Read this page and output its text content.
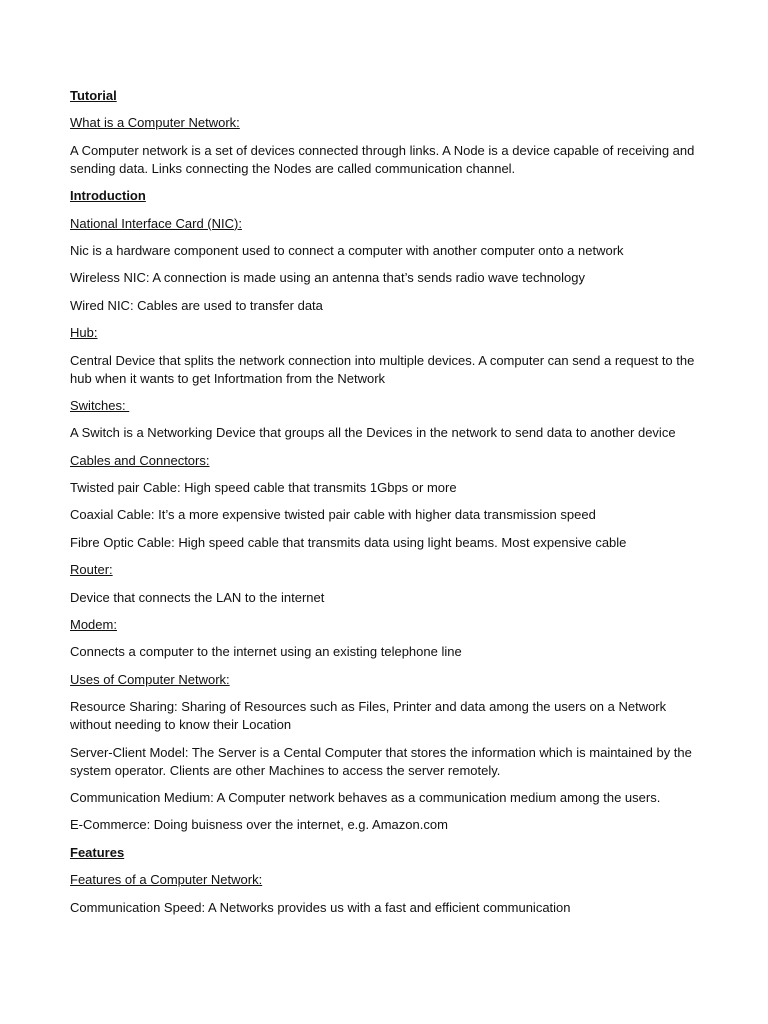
Tutorial

What is a Computer Network:

A Computer network is a set of devices connected through links. A Node is a device capable of receiving and sending data. Links connecting the Nodes are called communication channel.

Introduction

National Interface Card (NIC):

Nic is a hardware component used to connect a computer with another computer onto a network

Wireless NIC: A connection is made using an antenna that’s sends radio wave technology

Wired NIC: Cables are used to transfer data

Hub:

Central Device that splits the network connection into multiple devices. A computer can send a request to the hub when it wants to get Infortmation from the Network

Switches:

A Switch is a Networking Device that groups all the Devices in the network to send data to another device

Cables and Connectors:

Twisted pair Cable: High speed cable that transmits 1Gbps or more

Coaxial Cable: It’s a more expensive twisted pair cable with higher data transmission speed

Fibre Optic Cable: High speed cable that transmits data using light beams. Most expensive cable

Router:

Device that connects the LAN to the internet

Modem:

Connects a computer to the internet using an existing telephone line

Uses of Computer Network:

Resource Sharing: Sharing of Resources such as Files, Printer and data among the users on a Network without needing to know their Location

Server-Client Model: The Server is a Cental Computer that stores the information which is maintained by the system operator. Clients are other Machines to access the server remotely.

Communication Medium: A Computer network behaves as a communication medium among the users.

E-Commerce: Doing buisness over the internet, e.g. Amazon.com

Features

Features of a Computer Network:

Communication Speed: A Networks provides us with a fast and efficient communication
